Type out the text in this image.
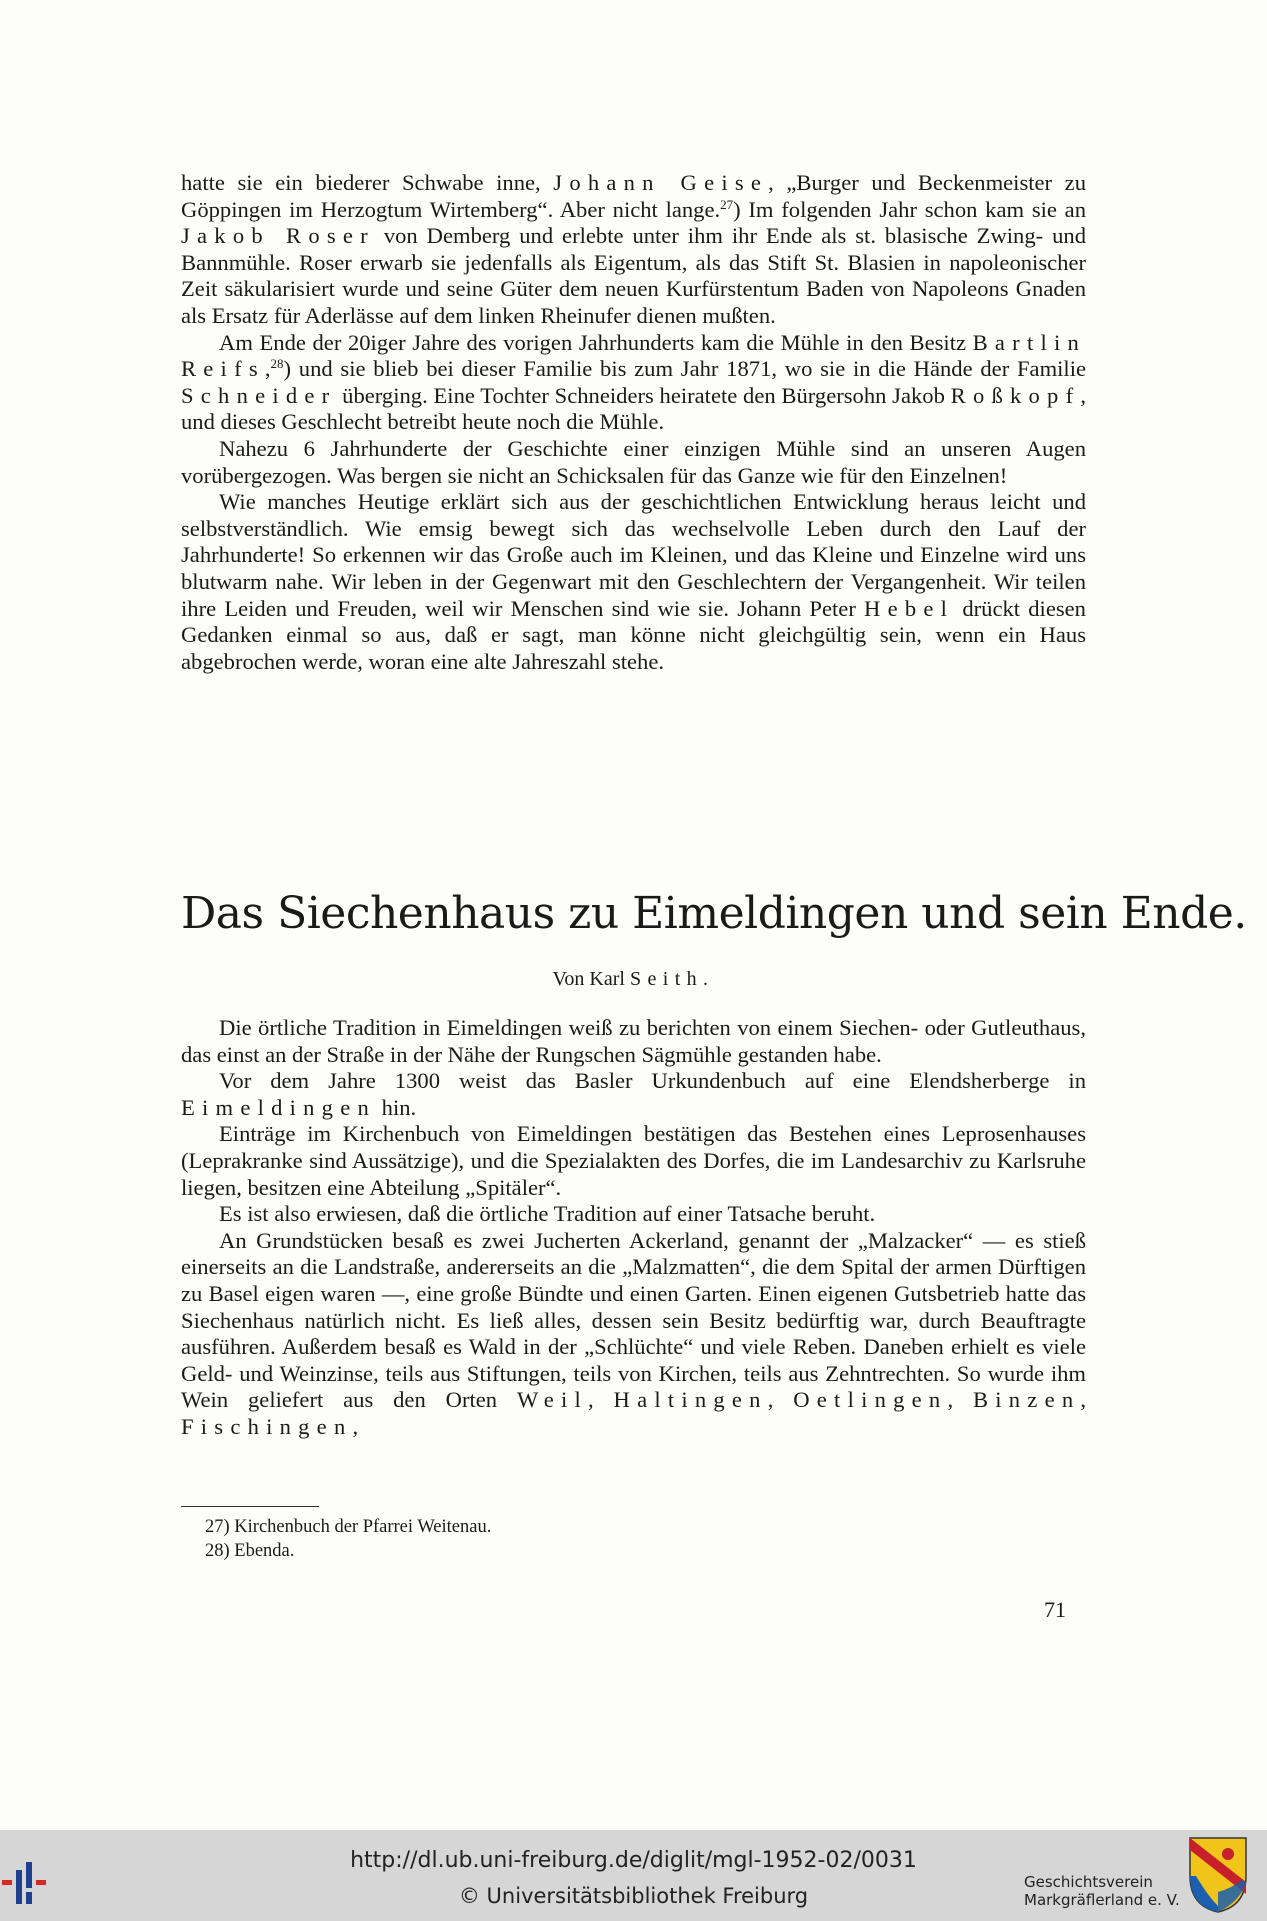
hatte sie ein biederer Schwabe inne, Johann Geise, „Burger und Beckenmeister zu Göppingen im Herzogtum Wirtemberg“. Aber nicht lange.$^{27}$) Im folgenden Jahr schon kam sie an Jakob Roser von Demberg und erlebte unter ihm ihr Ende als st. blasische Zwing- und Bannmühle. Roser erwarb sie jedenfalls als Eigentum, als das Stift St. Blasien in napoleonischer Zeit säkularisiert wurde und seine Güter dem neuen Kurfürstentum Baden von Napoleons Gnaden als Ersatz für Aderlässe auf dem linken Rheinufer dienen mußten.

Am Ende der 20iger Jahre des vorigen Jahrhunderts kam die Mühle in den Besitz Bartlin Reifs,$^{28}$) und sie blieb bei dieser Familie bis zum Jahr 1871, wo sie in die Hände der Familie Schneider überging. Eine Tochter Schneiders heiratete den Bürgersohn Jakob Roßkopf, und dieses Geschlecht betreibt heute noch die Mühle.

Nahezu 6 Jahrhunderte der Geschichte einer einzigen Mühle sind an unseren Augen vorübergezogen. Was bergen sie nicht an Schicksalen für das Ganze wie für den Einzelnen!

Wie manches Heutige erklärt sich aus der geschichtlichen Entwicklung heraus leicht und selbstverständlich. Wie emsig bewegt sich das wechselvolle Leben durch den Lauf der Jahrhunderte! So erkennen wir das Große auch im Kleinen, und das Kleine und Einzelne wird uns blutwarm nahe. Wir leben in der Gegenwart mit den Geschlechtern der Vergangenheit. Wir teilen ihre Leiden und Freuden, weil wir Menschen sind wie sie. Johann Peter Hebel drückt diesen Gedanken einmal so aus, daß er sagt, man könne nicht gleichgültig sein, wenn ein Haus abgebrochen werde, woran eine alte Jahreszahl stehe.

Das Siechenhaus zu Eimeldingen und sein Ende.
Von Karl Seith.

Die örtliche Tradition in Eimeldingen weiß zu berichten von einem Siechen- oder Gutleuthaus, das einst an der Straße in der Nähe der Rungschen Sägmühle gestanden habe.

Vor dem Jahre 1300 weist das Basler Urkundenbuch auf eine Elendsherberge in Eimeldingen hin.

Einträge im Kirchenbuch von Eimeldingen bestätigen das Bestehen eines Leprosenhauses (Leprakranke sind Aussätzige), und die Spezialakten des Dorfes, die im Landesarchiv zu Karlsruhe liegen, besitzen eine Abteilung „Spitäler“.

Es ist also erwiesen, daß die örtliche Tradition auf einer Tatsache beruht.

An Grundstücken besaß es zwei Jucherten Ackerland, genannt der „Malzacker“ — es stieß einerseits an die Landstraße, andererseits an die „Malzmatten“, die dem Spital der armen Dürftigen zu Basel eigen waren —, eine große Bündte und einen Garten. Einen eigenen Gutsbetrieb hatte das Siechenhaus natürlich nicht. Es ließ alles, dessen sein Besitz bedürftig war, durch Beauftragte ausführen. Außerdem besaß es Wald in der „Schlüchte“ und viele Reben. Daneben erhielt es viele Geld- und Weinzinse, teils aus Stiftungen, teils von Kirchen, teils aus Zehntrechten. So wurde ihm Wein geliefert aus den Orten Weil, Haltingen, Oetlingen, Binzen, Fischingen,

27) Kirchenbuch der Pfarrei Weitenau.
28) Ebenda.
71
http://dl.ub.uni-freiburg.de/diglit/mgl-1952-02/0031
© Universitätsbibliothek Freiburg
Geschichtsverein
Markgräflerland e. V.
